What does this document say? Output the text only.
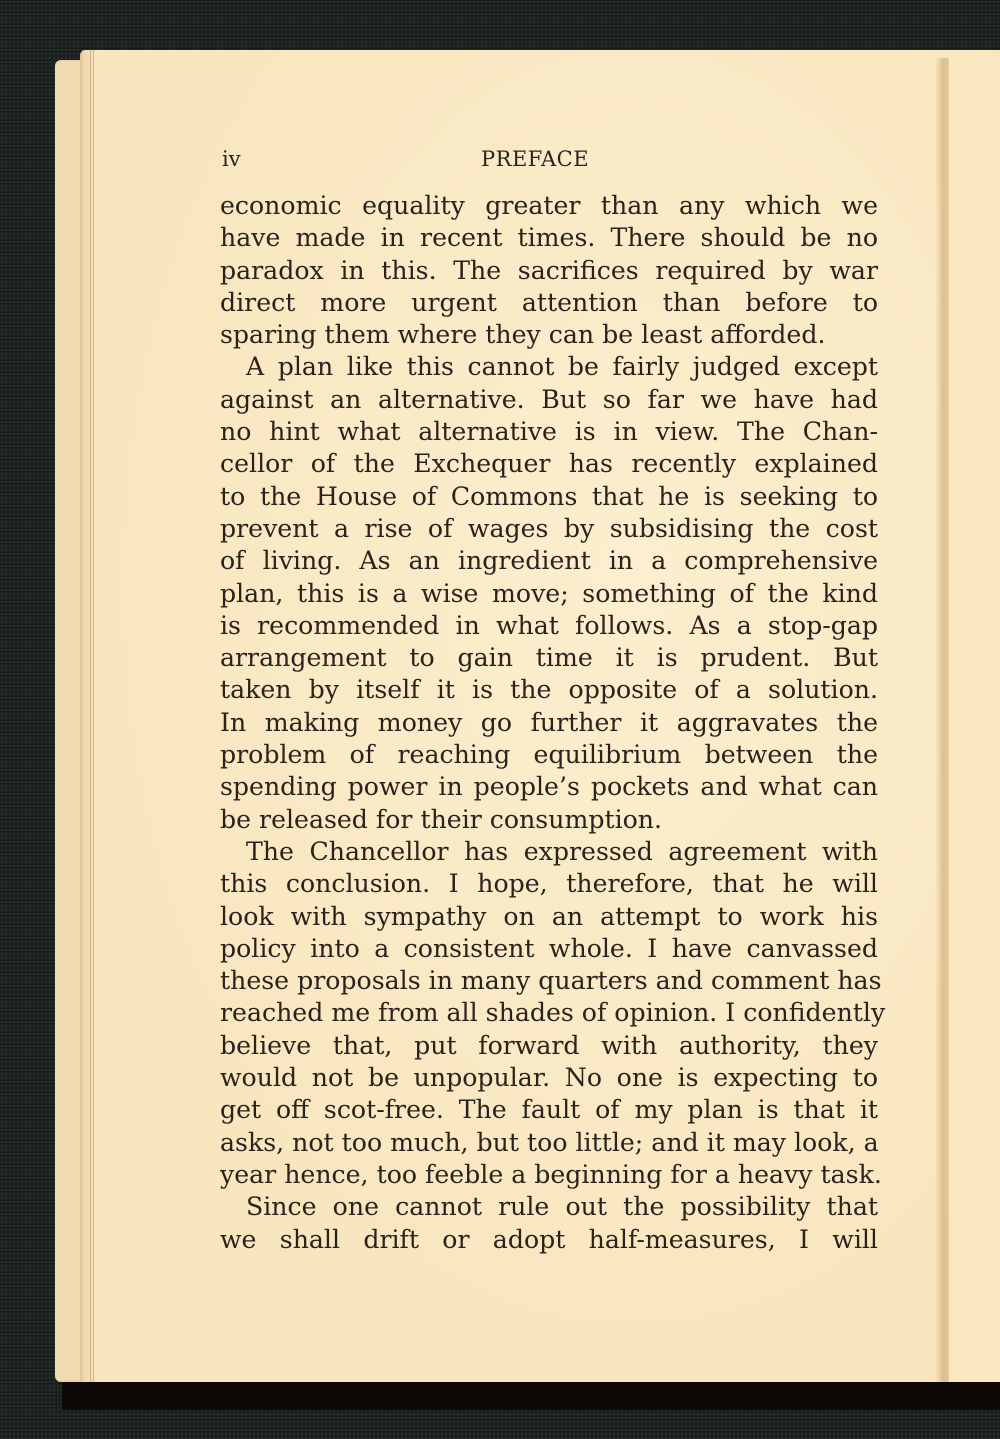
iv	PREFACE
economic equality greater than any which we
have made in recent times. There should be no
paradox in this. The sacrifices required by war
direct more urgent attention than before to
sparing them where they can be least afforded.
A plan like this cannot be fairly judged except
against an alternative. But so far we have had
no hint what alternative is in view. The Chan-
cellor of the Exchequer has recently explained
to the House of Commons that he is seeking to
prevent a rise of wages by subsidising the cost
of living. As an ingredient in a comprehensive
plan, this is a wise move; something of the kind
is recommended in what follows. As a stop-gap
arrangement to gain time it is prudent. But
taken by itself it is the opposite of a solution.
In making money go further it aggravates the
problem of reaching equilibrium between the
spending power in people’s pockets and what can
be released for their consumption.
The Chancellor has expressed agreement with
this conclusion. I hope, therefore, that he will
look with sympathy on an attempt to work his
policy into a consistent whole. I have canvassed
these proposals in many quarters and comment has
reached me from all shades of opinion. I confidently
believe that, put forward with authority, they
would not be unpopular. No one is expecting to
get off scot-free. The fault of my plan is that it
asks, not too much, but too little; and it may look, a
year hence, too feeble a beginning for a heavy task.
Since one cannot rule out the possibility that
we shall drift or adopt half-measures, I will
